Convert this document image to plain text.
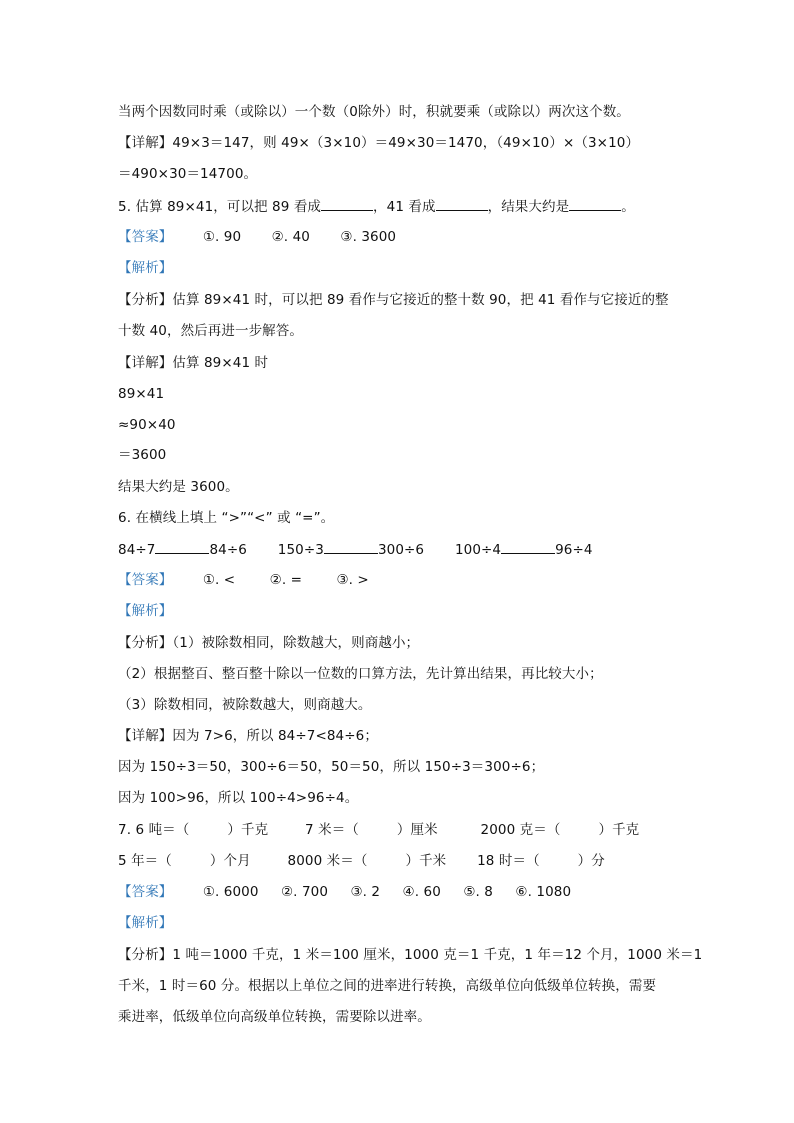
当两个因数同时乘（或除以）一个数（0除外）时，积就要乘（或除以）两次这个数。
【详解】49×3＝147，则 49×（3×10）＝49×30＝1470，（49×10）×（3×10）
＝490×30＝14700。
5. 估算 89×41，可以把 89 看成	，41 看成	，结果大约是	。
【答案】 ①. 90 ②. 40 ③. 3600
【解析】
【分析】估算 89×41 时，可以把 89 看作与它接近的整十数 90，把 41 看作与它接近的整
十数 40，然后再进一步解答。
【详解】估算 89×41 时
89×41
≈90×40
＝3600
结果大约是 3600。
6. 在横线上填上 “>”“<” 或 “=”。
84÷7	84÷6 150÷3	300÷6 100÷4	96÷4
【答案】 ①. <	②. =	③. >
【解析】
【分析】（1）被除数相同，除数越大，则商越小；
（2）根据整百、整百整十除以一位数的口算方法，先计算出结果，再比较大小；
（3）除数相同，被除数越大，则商越大。
【详解】因为 7>6，所以 84÷7<84÷6；
因为 150÷3＝50，300÷6＝50，50＝50，所以 150÷3＝300÷6；
因为 100>96，所以 100÷4>96÷4。
7. 6 吨＝（	）千克	7 米＝（	）厘米	2000 克＝（	）千克
5 年＝（	）个月	8000 米＝（	）千米 18 时＝（	）分
【答案】 ①. 6000 ②. 700 ③. 2 ④. 60 ⑤. 8 ⑥. 1080
【解析】
【分析】1 吨＝1000 千克，1 米＝100 厘米，1000 克＝1 千克，1 年＝12 个月，1000 米＝1
千米，1 时＝60 分。根据以上单位之间的进率进行转换，高级单位向低级单位转换，需要
乘进率，低级单位向高级单位转换，需要除以进率。
